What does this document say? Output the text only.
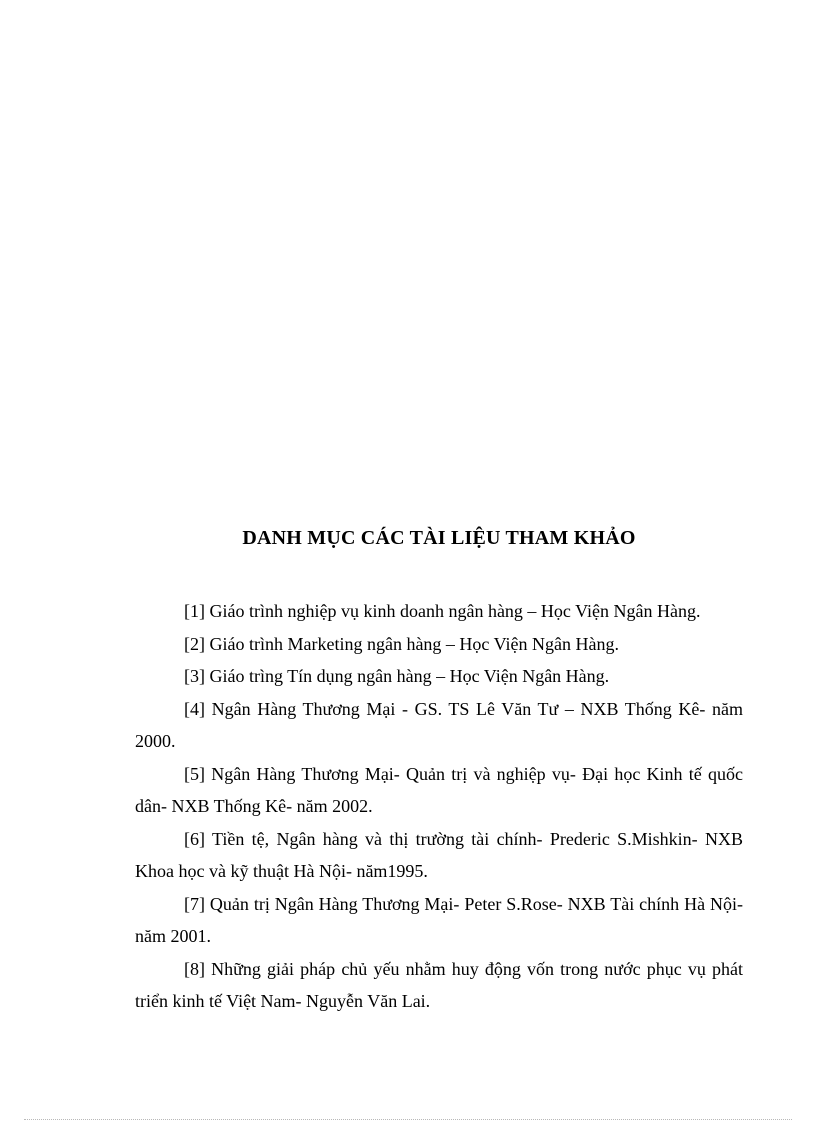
DANH MỤC CÁC TÀI LIỆU THAM KHẢO
[1] Giáo trình nghiệp vụ kinh doanh ngân hàng – Học Viện Ngân Hàng.
[2] Giáo trình Marketing ngân hàng – Học Viện Ngân Hàng.
[3] Giáo trìng Tín dụng ngân hàng – Học Viện Ngân Hàng.
[4] Ngân Hàng Thương Mại - GS. TS Lê Văn Tư – NXB Thống Kê- năm 2000.
[5] Ngân Hàng Thương Mại- Quản trị và nghiệp vụ- Đại học Kinh tế quốc dân- NXB Thống Kê- năm 2002.
[6] Tiền tệ, Ngân hàng và thị trường tài chính- Prederic S.Mishkin- NXB Khoa học và kỹ thuật Hà Nội- năm1995.
[7] Quản trị Ngân Hàng Thương Mại- Peter S.Rose- NXB Tài chính Hà Nội- năm 2001.
[8] Những giải pháp chủ yếu nhằm huy động vốn trong nước phục vụ phát triển kinh tế Việt Nam- Nguyễn Văn Lai.
